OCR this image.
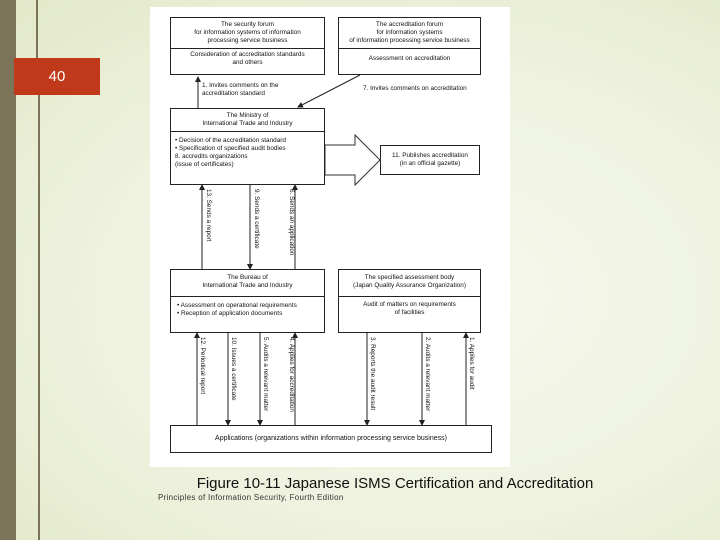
40
The security forum
for information systems of information
processing service business
Consideration of accreditation standards
and others
The accreditation forum
for information systems
of information processing service business
Assessment on accreditation
1. Invites comments on the
accreditation standard
7. Invites comments on accreditation
The Ministry of
International Trade and Industry
• Decision of the accreditation standard
• Specification of specified audit bodies
8. accredits organizations
(issue of certificates)
11. Publishes accreditation
(in an official gazette)
13. Sends a report	9. Sends a certificate	6. Sends an application
The Bureau of
International Trade and Industry
• Assessment on operational requirements
• Reception of application documents
The specified assessment body
(Japan Quality Assurance Organization)
Audit of matters on requirements
of facilities
12. Periodical report	10. Issues a certificate	5. Audits a relevant matter	4. Applies for accreditation	3. Reports the audit result	2. Audits a relevant matter	1. Applies for audit
Applications (organizations within information processing service business)
Figure 10-11 Japanese ISMS Certification and Accreditation
Principles of Information Security, Fourth Edition
